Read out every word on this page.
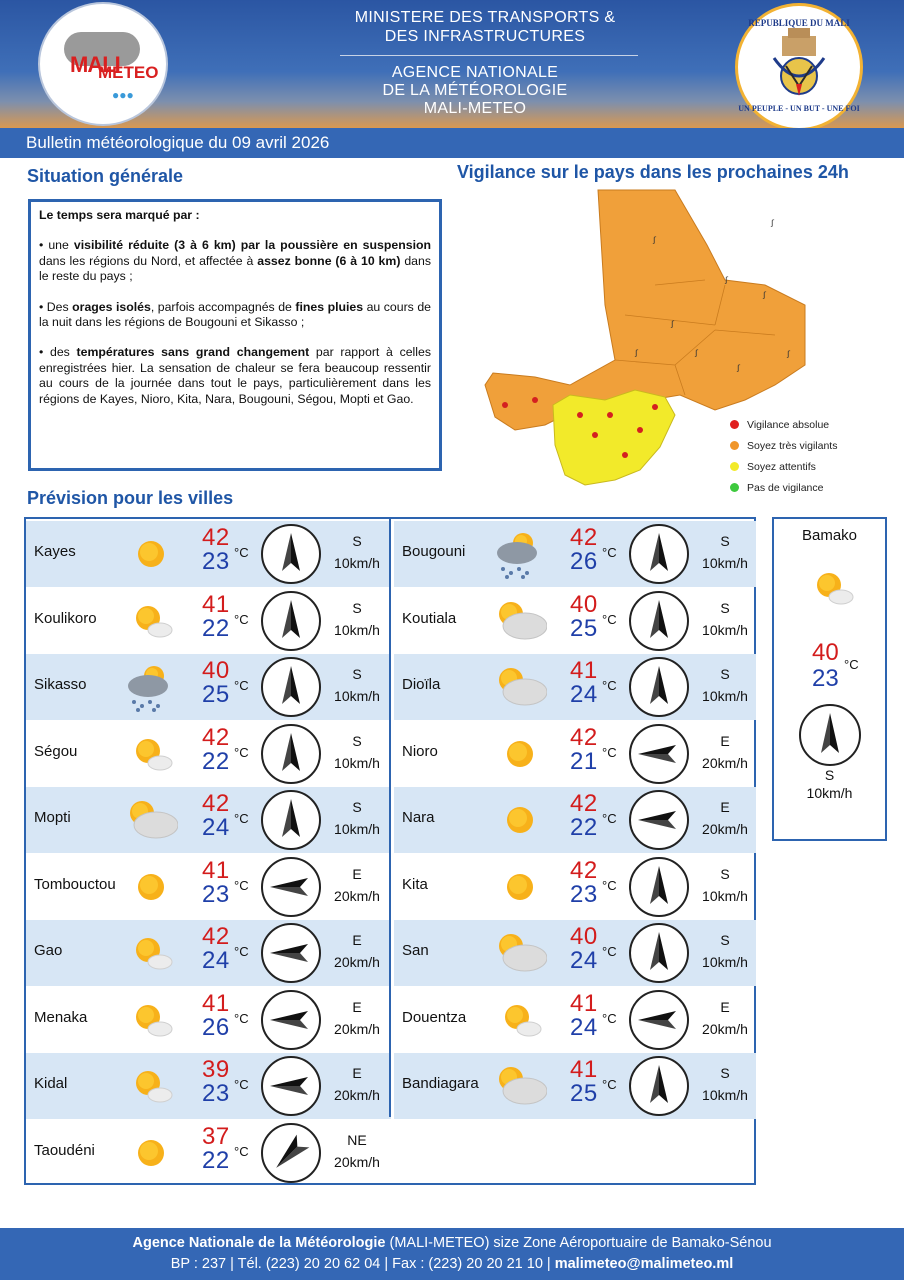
MALI
METEO
●●●
MINISTERE DES TRANSPORTS &
DES INFRASTRUCTURES
AGENCE NATIONALE
DE LA MÉTÉOROLOGIE
MALI-METEO
REPUBLIQUE DU MALI
UN PEUPLE - UN BUT - UNE FOI
Bulletin météorologique du 09 avril 2026
Situation générale

Le temps sera marqué par :

• une visibilité réduite (3 à 6 km) par la poussière en suspension dans les régions du Nord, et affectée à assez bonne (6 à 10 km) dans le reste du pays ;

• Des orages isolés, parfois accompagnés de fines pluies au cours de la nuit dans les régions de Bougouni et Sikasso ;

• des températures sans grand changement par rapport à celles enregistrées hier. La sensation de chaleur se fera beaucoup ressentir au cours de la journée dans tout le pays, particulièrement dans les régions de Kayes, Nioro, Kita, Nara, Bougouni, Ségou, Mopti et Gao.

Vigilance sur le pays dans les prochaines 24h
ᶴ
ᶴ
ᶴ
ᶴ
ᶴ
ᶴ
ᶴ	ᶴ	ᶴ
Vigilance absolue
Soyez très vigilants
Soyez attentifs
Pas de vigilance
Prévision pour les villes
Kayes
42
23 °C
S
10km/h
Koulikoro
41
22 °C
S
10km/h
Sikasso
40
25 °C
S
10km/h
Ségou
42
22 °C
S
10km/h
Mopti
42
24 °C
S
10km/h
Tombouctou
41
23 °C
E
20km/h
Gao
42
24 °C
E
20km/h
Menaka
41
26 °C
E
20km/h
Kidal
39
23 °C
E
20km/h
Taoudéni
37
22 °C
NE
20km/h
Bougouni
42
26 °C
S
10km/h
Koutiala
40
25 °C
S
10km/h
Dioïla
41
24 °C
S
10km/h
Nioro
42
21 °C
E
20km/h
Nara
42
22 °C
E
20km/h
Kita
42
23 °C
S
10km/h
San
40
24 °C
S
10km/h
Douentza
41
24 °C
E
20km/h
Bandiagara
41
25 °C
S
10km/h
Bamako
40
23
°C
S
10km/h
Agence Nationale de la Météorologie (MALI-METEO) size Zone Aéroportuaire de Bamako-Sénou
BP : 237 | Tél. (223) 20 20 62 04 | Fax : (223) 20 20 21 10 | malimeteo@malimeteo.ml
